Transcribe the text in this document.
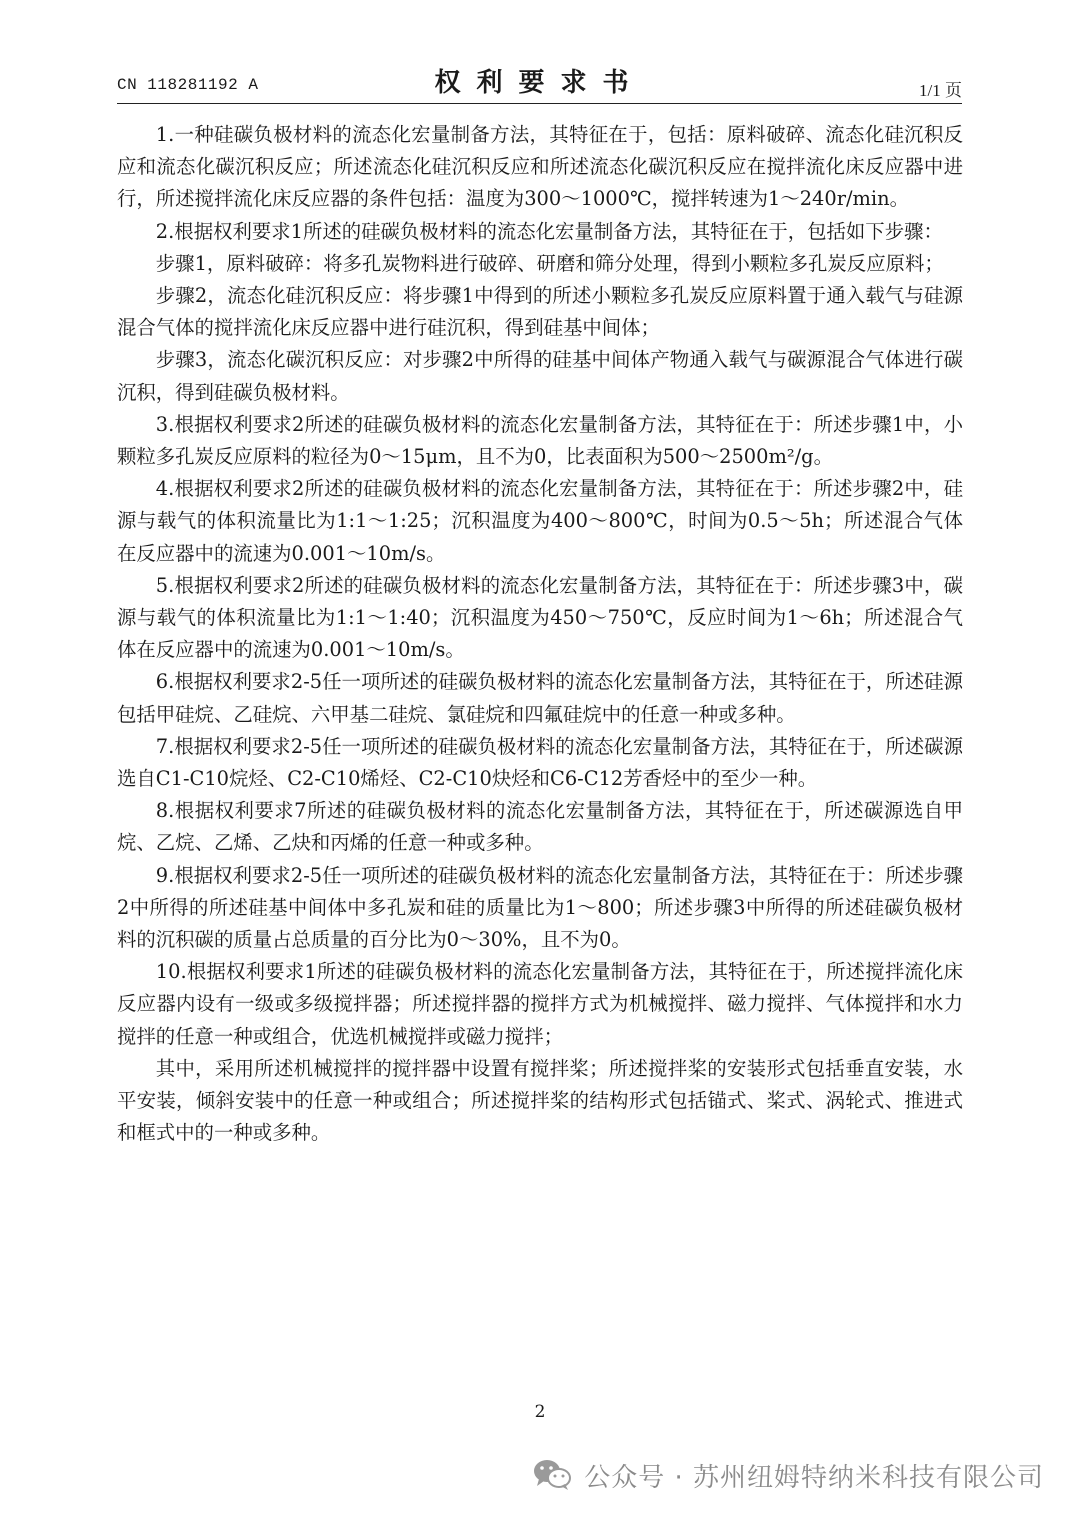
CN 118281192 A	权利要求书	1/1 页

1.一种硅碳负极材料的流态化宏量制备方法，其特征在于，包括：原料破碎、流态化硅沉积反应和流态化碳沉积反应；所述流态化硅沉积反应和所述流态化碳沉积反应在搅拌流化床反应器中进行，所述搅拌流化床反应器的条件包括：温度为300～1000℃，搅拌转速为1～240r/min。

2.根据权利要求1所述的硅碳负极材料的流态化宏量制备方法，其特征在于，包括如下步骤：

步骤1，原料破碎：将多孔炭物料进行破碎、研磨和筛分处理，得到小颗粒多孔炭反应原料；

步骤2，流态化硅沉积反应：将步骤1中得到的所述小颗粒多孔炭反应原料置于通入载气与硅源混合气体的搅拌流化床反应器中进行硅沉积，得到硅基中间体；

步骤3，流态化碳沉积反应：对步骤2中所得的硅基中间体产物通入载气与碳源混合气体进行碳沉积，得到硅碳负极材料。

3.根据权利要求2所述的硅碳负极材料的流态化宏量制备方法，其特征在于：所述步骤1中，小颗粒多孔炭反应原料的粒径为0～15μm，且不为0，比表面积为500～2500m²/g。

4.根据权利要求2所述的硅碳负极材料的流态化宏量制备方法，其特征在于：所述步骤2中，硅源与载气的体积流量比为1:1～1:25；沉积温度为400～800℃，时间为0.5～5h；所述混合气体在反应器中的流速为0.001～10m/s。

5.根据权利要求2所述的硅碳负极材料的流态化宏量制备方法，其特征在于：所述步骤3中，碳源与载气的体积流量比为1:1～1:40；沉积温度为450～750℃，反应时间为1～6h；所述混合气体在反应器中的流速为0.001～10m/s。

6.根据权利要求2-5任一项所述的硅碳负极材料的流态化宏量制备方法，其特征在于，所述硅源包括甲硅烷、乙硅烷、六甲基二硅烷、氯硅烷和四氟硅烷中的任意一种或多种。

7.根据权利要求2-5任一项所述的硅碳负极材料的流态化宏量制备方法，其特征在于，所述碳源选自C1-C10烷烃、C2-C10烯烃、C2-C10炔烃和C6-C12芳香烃中的至少一种。

8.根据权利要求7所述的硅碳负极材料的流态化宏量制备方法，其特征在于，所述碳源选自甲烷、乙烷、乙烯、乙炔和丙烯的任意一种或多种。

9.根据权利要求2-5任一项所述的硅碳负极材料的流态化宏量制备方法，其特征在于：所述步骤2中所得的所述硅基中间体中多孔炭和硅的质量比为1～800；所述步骤3中所得的所述硅碳负极材料的沉积碳的质量占总质量的百分比为0～30%，且不为0。

10.根据权利要求1所述的硅碳负极材料的流态化宏量制备方法，其特征在于，所述搅拌流化床反应器内设有一级或多级搅拌器；所述搅拌器的搅拌方式为机械搅拌、磁力搅拌、气体搅拌和水力搅拌的任意一种或组合，优选机械搅拌或磁力搅拌；

其中，采用所述机械搅拌的搅拌器中设置有搅拌桨；所述搅拌桨的安装形式包括垂直安装，水平安装，倾斜安装中的任意一种或组合；所述搅拌桨的结构形式包括锚式、桨式、涡轮式、推进式和框式中的一种或多种。

2
公众号 · 苏州纽姆特纳米科技有限公司
